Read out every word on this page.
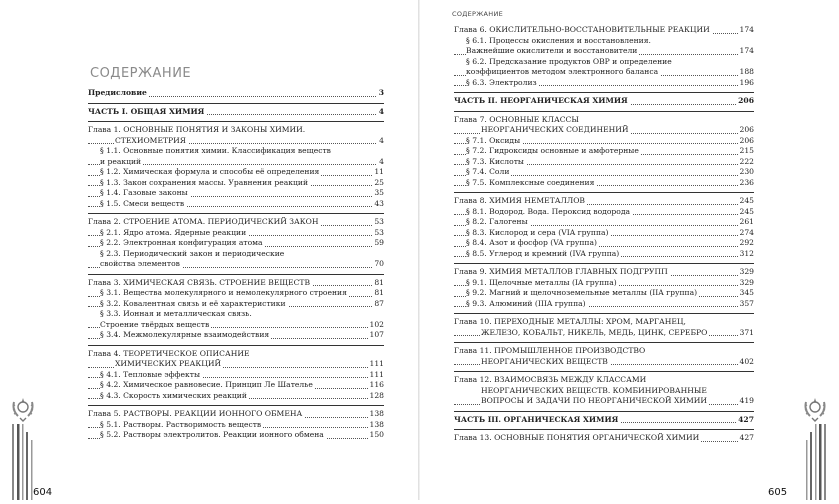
СОДЕРЖАНИЕ
Предисловие	3
ЧАСТЬ I. ОБЩАЯ ХИМИЯ	4
Глава 1. ОСНОВНЫЕ ПОНЯТИЯ И ЗАКОНЫ ХИМИИ.
СТЕХИОМЕТРИЯ	4
§ 1.1. Основные понятия химии. Классификация веществ
и реакций	4
§ 1.2. Химическая формула и способы её определения	11
§ 1.3. Закон сохранения массы. Уравнения реакций	25
§ 1.4. Газовые законы	35
§ 1.5. Смеси веществ	43
Глава 2. СТРОЕНИЕ АТОМА. ПЕРИОДИЧЕСКИЙ ЗАКОН	53
§ 2.1. Ядро атома. Ядерные реакции	53
§ 2.2. Электронная конфигурация атома	59
§ 2.3. Периодический закон и периодические
свойства элементов	70
Глава 3. ХИМИЧЕСКАЯ СВЯЗЬ. СТРОЕНИЕ ВЕЩЕСТВ	81
§ 3.1. Вещества молекулярного и немолекулярного строения	81
§ 3.2. Ковалентная связь и её характеристики	87
§ 3.3. Ионная и металлическая связь.
Строение твёрдых веществ	102
§ 3.4. Межмолекулярные взаимодействия	107
Глава 4. ТЕОРЕТИЧЕСКОЕ ОПИСАНИЕ
ХИМИЧЕСКИХ РЕАКЦИЙ	111
§ 4.1. Тепловые эффекты	111
§ 4.2. Химическое равновесие. Принцип Ле Шателье	116
§ 4.3. Скорость химических реакций	128
Глава 5. РАСТВОРЫ. РЕАКЦИИ ИОННОГО ОБМЕНА	138
§ 5.1. Растворы. Растворимость веществ	138
§ 5.2. Растворы электролитов. Реакции ионного обмена	150
604
СОДЕРЖАНИЕ
Глава 6. ОКИСЛИТЕЛЬНО-ВОССТАНОВИТЕЛЬНЫЕ РЕАКЦИИ	174
§ 6.1. Процессы окисления и восстановления.
Важнейшие окислители и восстановители	174
§ 6.2. Предсказание продуктов ОВР и определение
коэффициентов методом электронного баланса	188
§ 6.3. Электролиз	196
ЧАСТЬ II. НЕОРГАНИЧЕСКАЯ ХИМИЯ	206
Глава 7. ОСНОВНЫЕ КЛАССЫ
НЕОРГАНИЧЕСКИХ СОЕДИНЕНИЙ	206
§ 7.1. Оксиды	206
§ 7.2. Гидроксиды основные и амфотерные	215
§ 7.3. Кислоты	222
§ 7.4. Соли	230
§ 7.5. Комплексные соединения	236
Глава 8. ХИМИЯ НЕМЕТАЛЛОВ	245
§ 8.1. Водород. Вода. Пероксид водорода	245
§ 8.2. Галогены	261
§ 8.3. Кислород и сера (VIA группа)	274
§ 8.4. Азот и фосфор (VA группа)	292
§ 8.5. Углерод и кремний (IVA группа)	312
Глава 9. ХИМИЯ МЕТАЛЛОВ ГЛАВНЫХ ПОДГРУПП	329
§ 9.1. Щелочные металлы (IA группа)	329
§ 9.2. Магний и щелочноземельные металлы (IIA группа)	345
§ 9.3. Алюминий (IIIA группа)	357
Глава 10. ПЕРЕХОДНЫЕ МЕТАЛЛЫ: ХРОМ, МАРГАНЕЦ,
ЖЕЛЕЗО, КОБАЛЬТ, НИКЕЛЬ, МЕДЬ, ЦИНК, СЕРЕБРО	371
Глава 11. ПРОМЫШЛЕННОЕ ПРОИЗВОДСТВО
НЕОРГАНИЧЕСКИХ ВЕЩЕСТВ	402
Глава 12. ВЗАИМОСВЯЗЬ МЕЖДУ КЛАССАМИ
НЕОРГАНИЧЕСКИХ ВЕЩЕСТВ. КОМБИНИРОВАННЫЕ
ВОПРОСЫ И ЗАДАЧИ ПО НЕОРГАНИЧЕСКОЙ ХИМИИ	419
ЧАСТЬ III. ОРГАНИЧЕСКАЯ ХИМИЯ	427
Глава 13. ОСНОВНЫЕ ПОНЯТИЯ ОРГАНИЧЕСКОЙ ХИМИИ	427
605
